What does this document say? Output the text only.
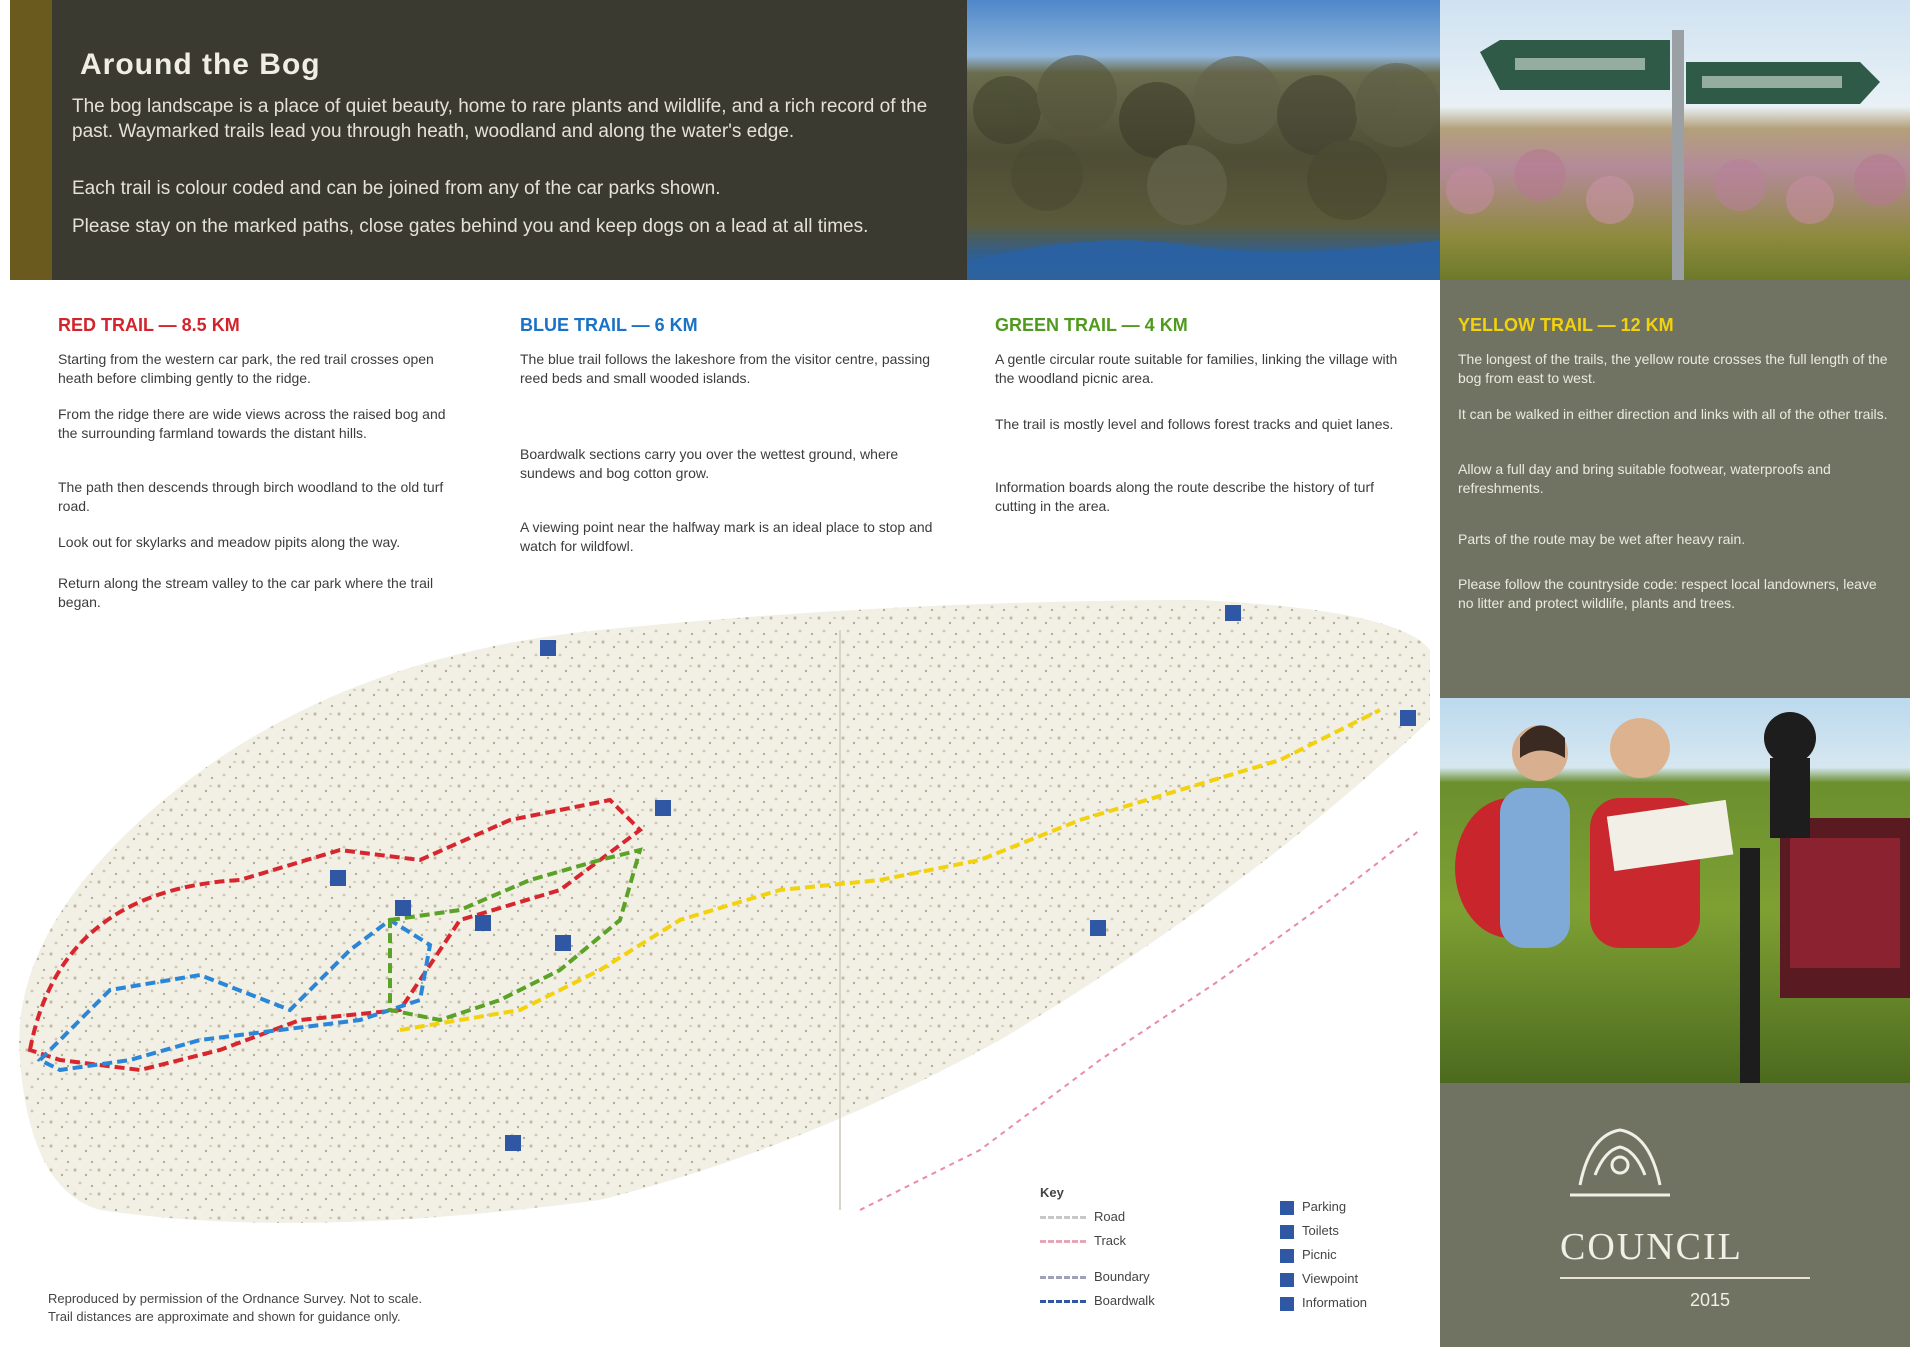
Around the Bog
The bog landscape is a place of quiet beauty, home to rare plants and wildlife, and a rich record of the past. Waymarked trails lead you through heath, woodland and along the water's edge.
Each trail is colour coded and can be joined from any of the car parks shown.
Please stay on the marked paths, close gates behind you and keep dogs on a lead at all times.
RED TRAIL — 8.5 KM
Starting from the western car park, the red trail crosses open heath before climbing gently to the ridge.
From the ridge there are wide views across the raised bog and the surrounding farmland towards the distant hills.
The path then descends through birch woodland to the old turf road.
Look out for skylarks and meadow pipits along the way.
Return along the stream valley to the car park where the trail began.
BLUE TRAIL — 6 KM
The blue trail follows the lakeshore from the visitor centre, passing reed beds and small wooded islands.
Boardwalk sections carry you over the wettest ground, where sundews and bog cotton grow.
A viewing point near the halfway mark is an ideal place to stop and watch for wildfowl.
GREEN TRAIL — 4 KM
A gentle circular route suitable for families, linking the village with the woodland picnic area.
The trail is mostly level and follows forest tracks and quiet lanes.
Information boards along the route describe the history of turf cutting in the area.
YELLOW TRAIL — 12 KM
The longest of the trails, the yellow route crosses the full length of the bog from east to west.
It can be walked in either direction and links with all of the other trails.
Allow a full day and bring suitable footwear, waterproofs and refreshments.
Parts of the route may be wet after heavy rain.
Please follow the countryside code: respect local landowners, leave no litter and protect wildlife, plants and trees.
COUNCIL
2015
Key
Road
Track
Boundary
Boardwalk
Parking
Toilets
Picnic
Viewpoint
Information
Reproduced by permission of the Ordnance Survey. Not to scale.
Trail distances are approximate and shown for guidance only.
